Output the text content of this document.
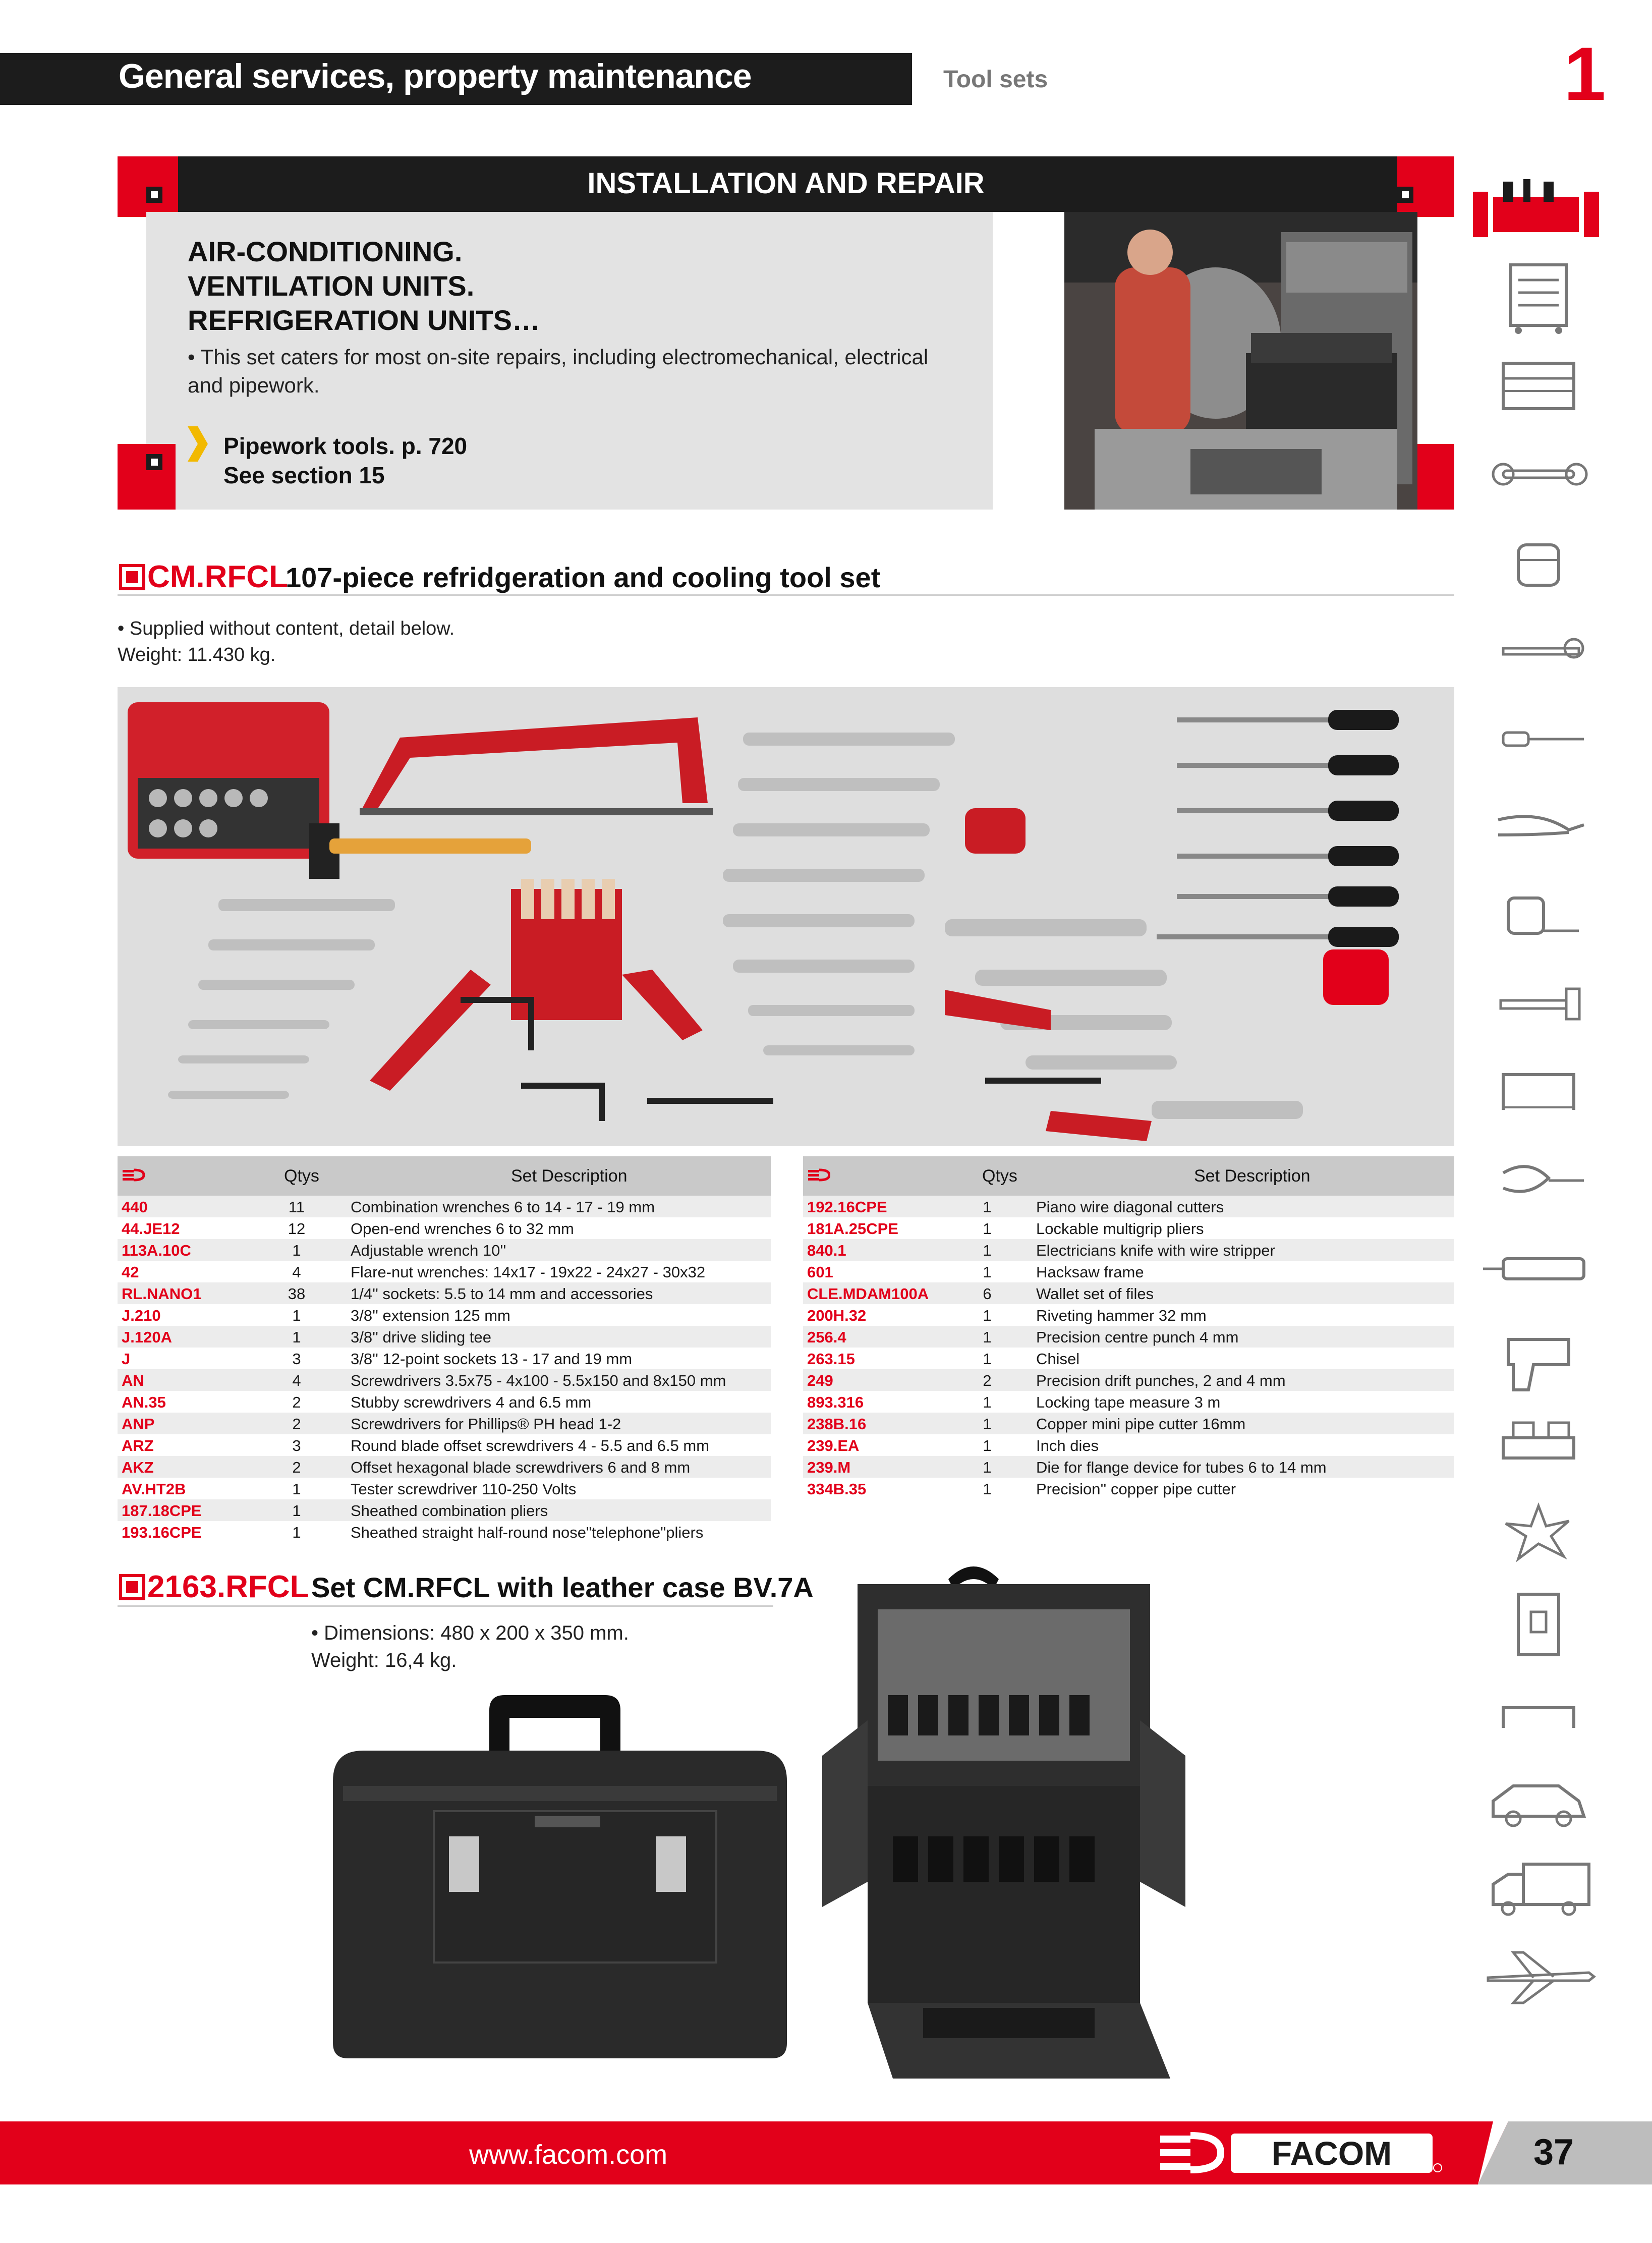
General services, property maintenance	Tool sets	1
INSTALLATION AND REPAIR
AIR-CONDITIONING.
VENTILATION UNITS.
REFRIGERATION UNITS…
• This set caters for most on-site repairs, including electromechanical, electrical and pipework.
Pipework tools. p. 720
See section 15
CM.RFCL
107-piece refridgeration and cooling tool set
• Supplied without content, detail below.
Weight: 11.430 kg.
Qtys	Set Description
440	11	Combination wrenches 6 to 14 - 17 - 19 mm
44.JE12	12	Open-end wrenches 6 to 32 mm
113A.10C	1	Adjustable wrench 10''
42	4	Flare-nut wrenches: 14x17 - 19x22 - 24x27 - 30x32
RL.NANO1	38	1/4'' sockets: 5.5 to 14 mm and accessories
J.210	1	3/8'' extension 125 mm
J.120A	1	3/8'' drive sliding tee
J	3	3/8'' 12-point sockets 13 - 17 and 19 mm
AN	4	Screwdrivers 3.5x75 - 4x100 - 5.5x150 and 8x150 mm
AN.35	2	Stubby screwdrivers 4 and 6.5 mm
ANP	2	Screwdrivers for Phillips® PH head 1-2
ARZ	3	Round blade offset screwdrivers 4 - 5.5 and 6.5 mm
AKZ	2	Offset hexagonal blade screwdrivers 6 and 8 mm
AV.HT2B	1	Tester screwdriver 110-250 Volts
187.18CPE	1	Sheathed combination pliers
193.16CPE	1	Sheathed straight half-round nose"telephone"pliers
Qtys	Set Description
192.16CPE	1	Piano wire diagonal cutters
181A.25CPE	1	Lockable multigrip pliers
840.1	1	Electricians knife with wire stripper
601	1	Hacksaw frame
CLE.MDAM100A	6	Wallet set of files
200H.32	1	Riveting hammer 32 mm
256.4	1	Precision centre punch 4 mm
263.15	1	Chisel
249	2	Precision drift punches, 2 and 4 mm
893.316	1	Locking tape measure 3 m
238B.16	1	Copper mini pipe cutter 16mm
239.EA	1	Inch dies
239.M	1	Die for flange device for tubes 6 to 14 mm
334B.35	1	Precision'' copper pipe cutter
2163.RFCL Set CM.RFCL with leather case BV.7A
• Dimensions: 480 x 200 x 350 mm.
Weight: 16,4 kg.
www.facom.com	FACOM	37
